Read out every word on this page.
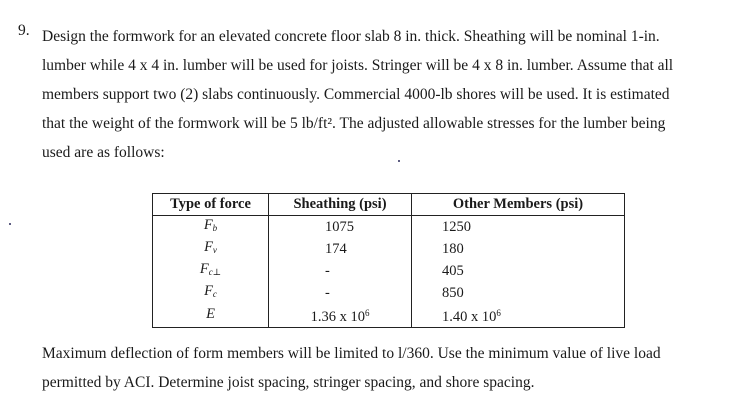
9. Design the formwork for an elevated concrete floor slab 8 in. thick. Sheathing will be nominal 1-in.
lumber while 4 x 4 in. lumber will be used for joists. Stringer will be 4 x 8 in. lumber. Assume that all
members support two (2) slabs continuously. Commercial 4000-lb shores will be used. It is estimated
that the weight of the formwork will be 5 lb/ft². The adjusted allowable stresses for the lumber being
used are as follows:
Type of force	Sheathing (psi)	Other Members (psi)
$F_b$	1075	1250
$F_v$	174	180
$F_{c\perp}$	-	405
$F_c$	-	850
E	1.36 x $10^6$	1.40 x $10^6$
Maximum deflection of form members will be limited to l/360. Use the minimum value of live load
permitted by ACI. Determine joist spacing, stringer spacing, and shore spacing.
